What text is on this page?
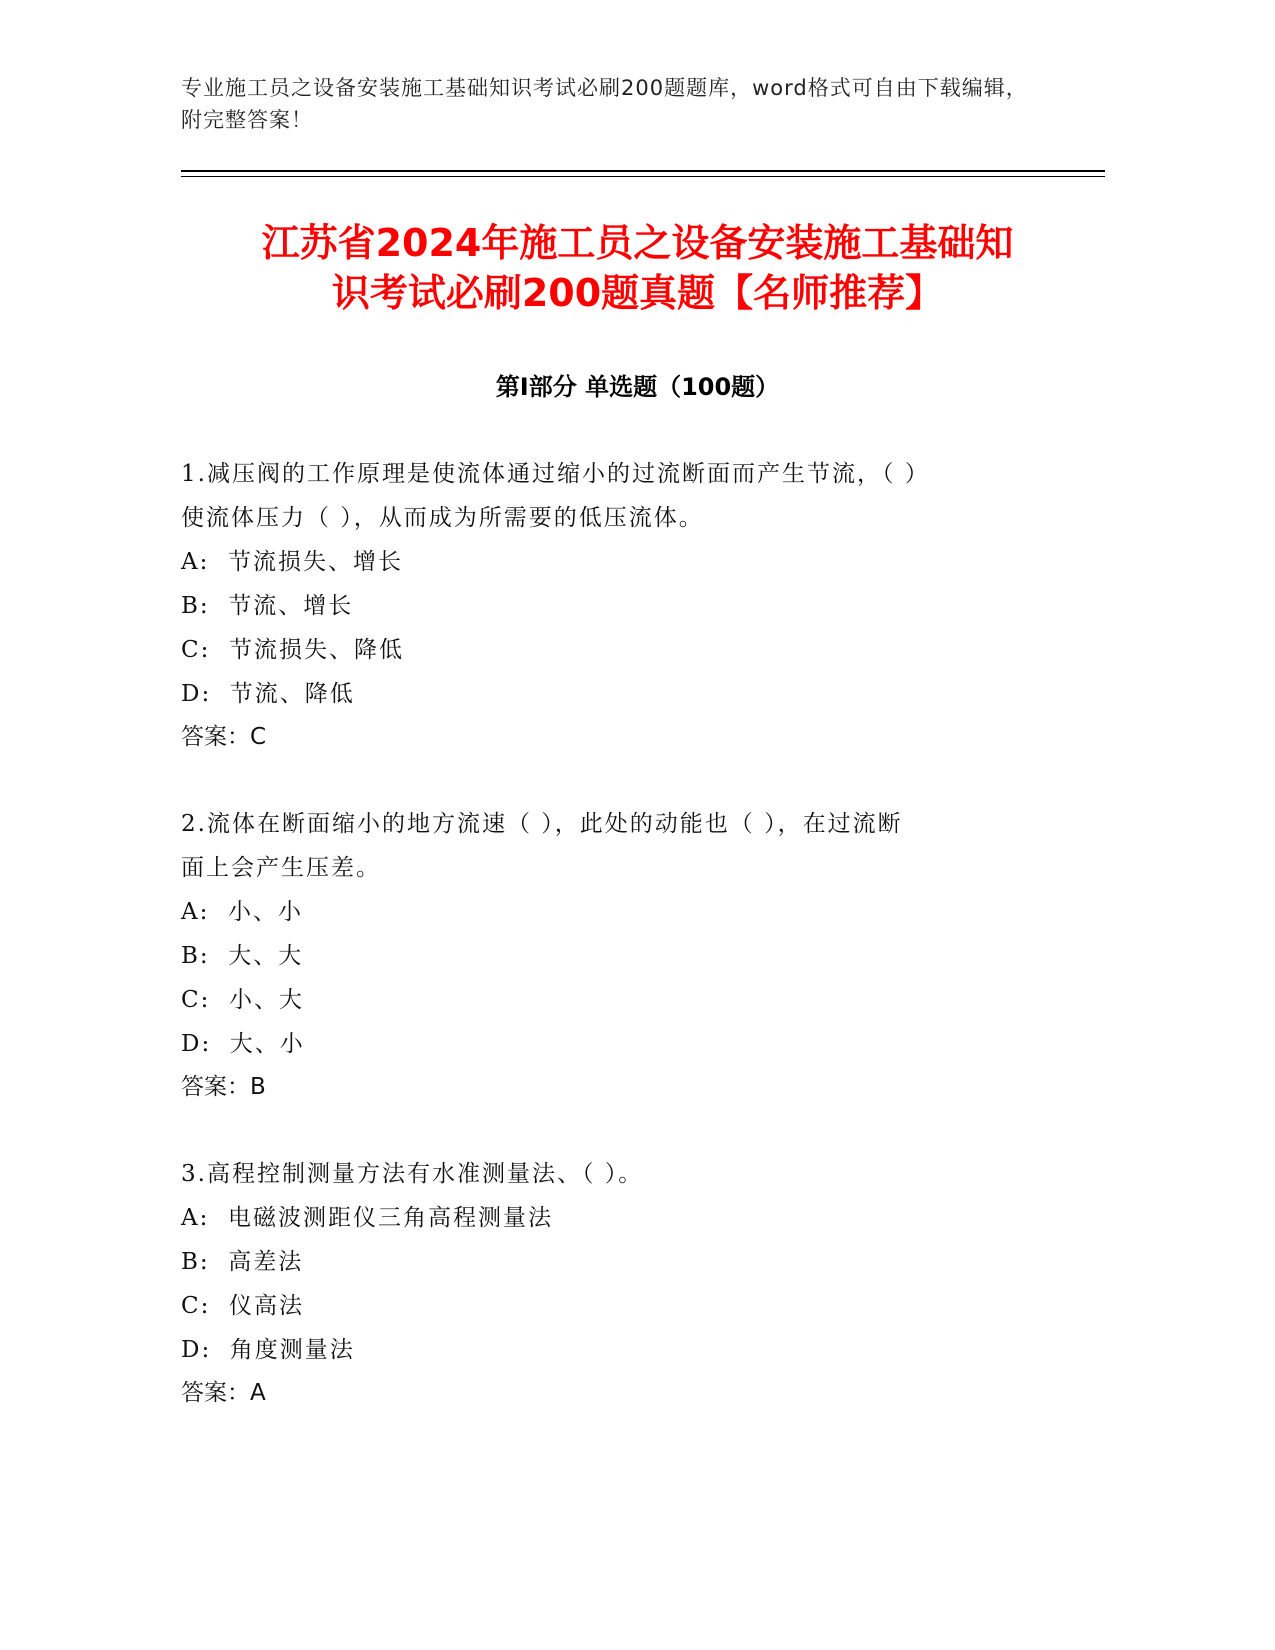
专业施工员之设备安装施工基础知识考试必刷200题题库，word格式可自由下载编辑，附完整答案！
江苏省2024年施工员之设备安装施工基础知
识考试必刷200题真题【名师推荐】
第Ⅰ部分 单选题（100题）

1.减压阀的工作原理是使流体通过缩小的过流断面而产生节流，（ ）
使流体压力（ ），从而成为所需要的低压流体。

A:  节流损失、增长

B:  节流、增长

C:  节流损失、降低

D:  节流、降低

答案：C

2.流体在断面缩小的地方流速（ ），此处的动能也（ ），在过流断
面上会产生压差。

A:  小、小

B:  大、大

C:  小、大

D:  大、小

答案：B

3.高程控制测量方法有水准测量法、（ ）。

A:  电磁波测距仪三角高程测量法

B:  高差法

C:  仪高法

D:  角度测量法

答案：A
